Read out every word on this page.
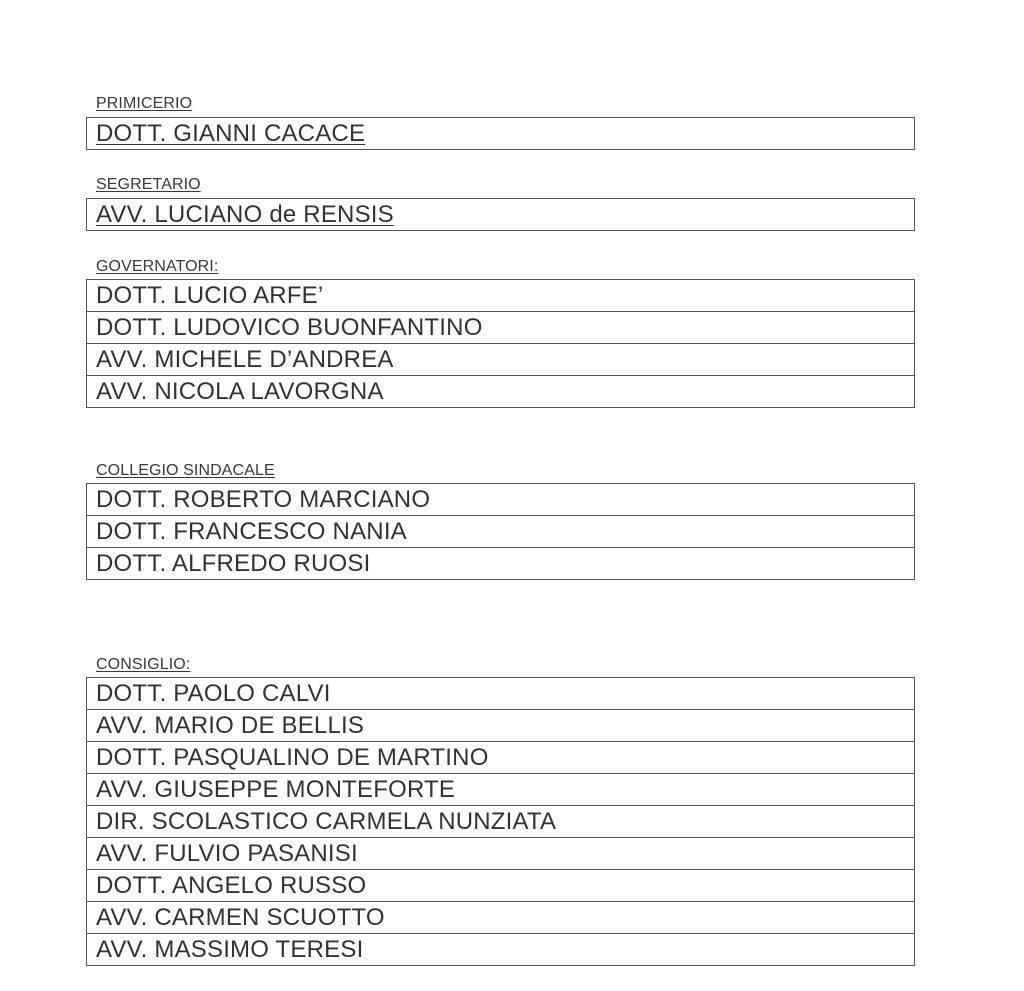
PRIMICERIO
DOTT. GIANNI CACACE
SEGRETARIO
AVV. LUCIANO de RENSIS
GOVERNATORI:
DOTT. LUCIO ARFE’
DOTT. LUDOVICO BUONFANTINO
AVV. MICHELE D’ANDREA
AVV. NICOLA LAVORGNA
COLLEGIO SINDACALE
DOTT. ROBERTO MARCIANO
DOTT. FRANCESCO NANIA
DOTT. ALFREDO RUOSI
CONSIGLIO:
DOTT. PAOLO CALVI
AVV. MARIO DE BELLIS
DOTT. PASQUALINO DE MARTINO
AVV. GIUSEPPE MONTEFORTE
DIR. SCOLASTICO CARMELA NUNZIATA
AVV. FULVIO PASANISI
DOTT. ANGELO RUSSO
AVV. CARMEN SCUOTTO
AVV. MASSIMO TERESI
